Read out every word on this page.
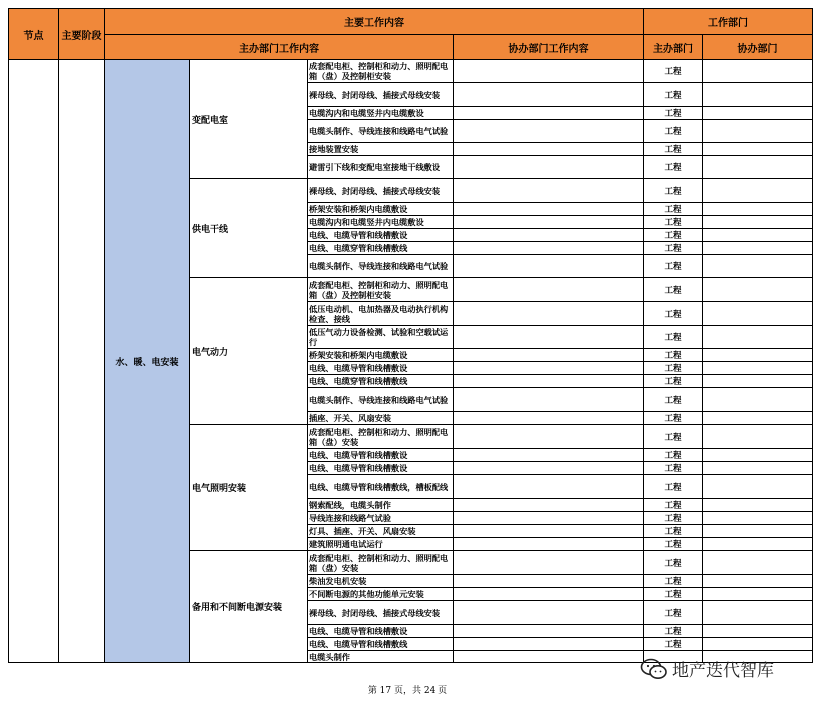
节点	主要阶段	主要工作内容				工作部门	
		主办部门工作内容			协办部门工作内容	主办部门	协办部门
		水、暖、电安装	变配电室	成套配电柜、控制柜和动力、照明配电箱（盘）及控制柜安装		工程	
				裸母线、封闭母线、插接式母线安装		工程	
				电缆沟内和电缆竖井内电缆敷设		工程	
				电缆头制作、导线连接和线路电气试验		工程	
				接地装置安装		工程	
				避雷引下线和变配电室接地干线敷设		工程	
			供电干线	裸母线、封闭母线、插接式母线安装		工程	
				桥架安装和桥架内电缆敷设		工程	
				电缆沟内和电缆竖井内电缆敷设		工程	
				电线、电缆导管和线槽敷设		工程	
				电线、电缆穿管和线槽敷线		工程	
				电缆头制作、导线连接和线路电气试验		工程	
			电气动力	成套配电柜、控制柜和动力、照明配电箱（盘）及控制柜安装		工程	
				低压电动机、电加热器及电动执行机构检查、接线		工程	
				低压气动力设备检测、试验和空载试运行		工程	
				桥架安装和桥架内电缆敷设		工程	
				电线、电缆导管和线槽敷设		工程	
				电线、电缆穿管和线槽敷线		工程	
				电缆头制作、导线连接和线路电气试验		工程	
				插座、开关、风扇安装		工程	
			电气照明安装	成套配电柜、控制柜和动力、照明配电箱（盘）安装		工程	
				电线、电缆导管和线槽敷设		工程	
				电线、电缆导管和线槽敷设		工程	
				电线、电缆导管和线槽敷线，槽板配线		工程	
				钢索配线，电缆头制作		工程	
				导线连接和线路气试验		工程	
				灯具、插座、开关、风扇安装		工程	
				建筑照明通电试运行		工程	
			备用和不间断电源安装	成套配电柜、控制柜和动力、照明配电箱（盘）安装		工程	
				柴油发电机安装		工程	
				不间断电源的其他功能单元安装		工程	
				裸母线、封闭母线、插接式母线安装		工程	
				电线、电缆导管和线槽敷设		工程	
				电线、电缆导管和线槽敷线		工程	
				电缆头制作			
第 17 页，共 24 页
地产迭代智库
